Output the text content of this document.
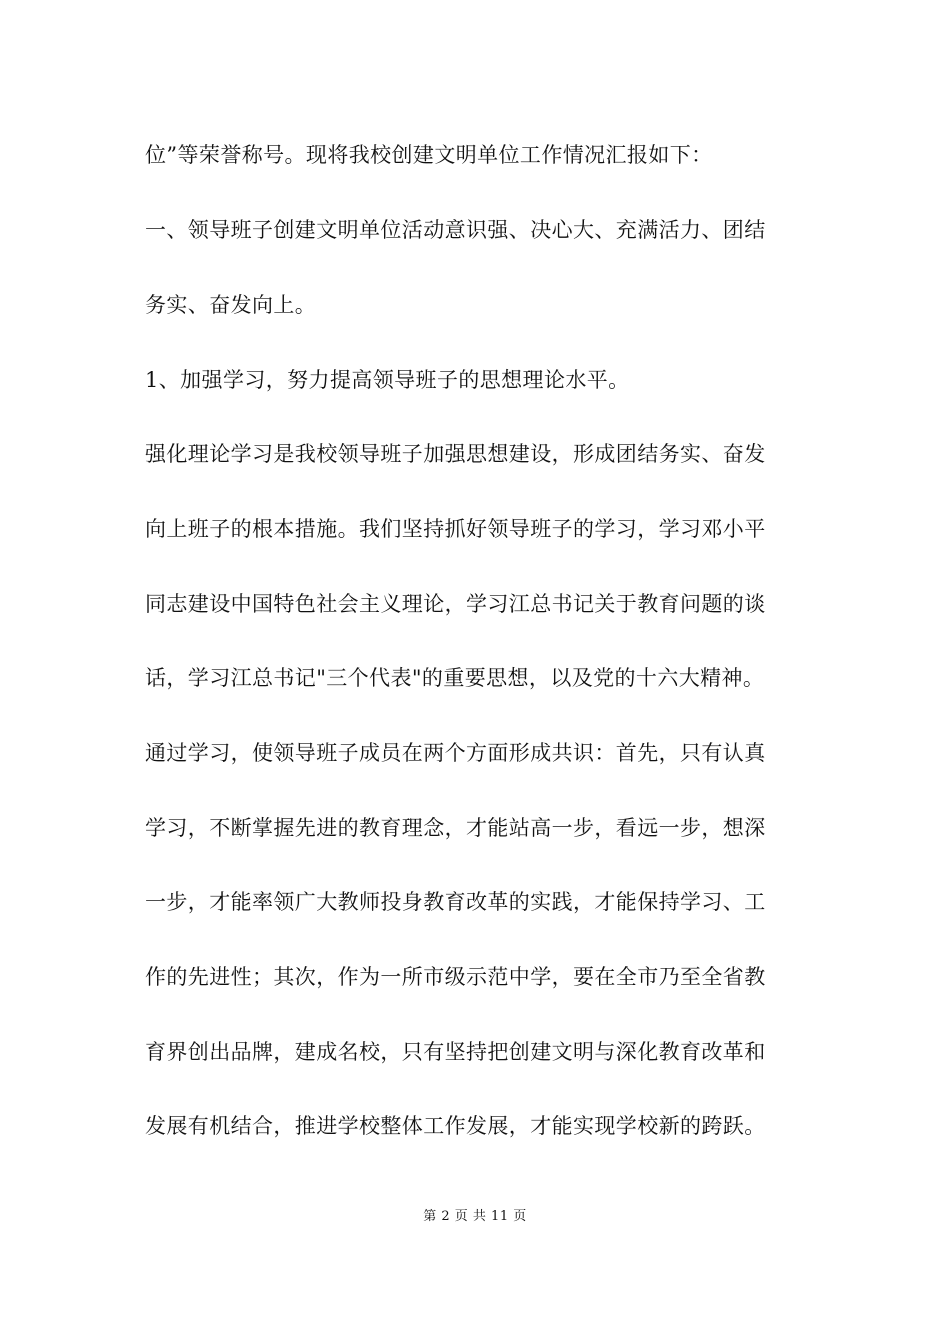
位”等荣誉称号。现将我校创建文明单位工作情况汇报如下：
一、领导班子创建文明单位活动意识强、决心大、充满活力、团结
务实、奋发向上。
1、加强学习，努力提高领导班子的思想理论水平。
强化理论学习是我校领导班子加强思想建设，形成团结务实、奋发
向上班子的根本措施。我们坚持抓好领导班子的学习，学习邓小平
同志建设中国特色社会主义理论，学习江总书记关于教育问题的谈
话，学习江总书记"三个代表"的重要思想，以及党的十六大精神。
通过学习，使领导班子成员在两个方面形成共识：首先，只有认真
学习，不断掌握先进的教育理念，才能站高一步，看远一步，想深
一步，才能率领广大教师投身教育改革的实践，才能保持学习、工
作的先进性；其次，作为一所市级示范中学，要在全市乃至全省教
育界创出品牌，建成名校，只有坚持把创建文明与深化教育改革和
发展有机结合，推进学校整体工作发展，才能实现学校新的跨跃。
第 2 页 共 11 页
